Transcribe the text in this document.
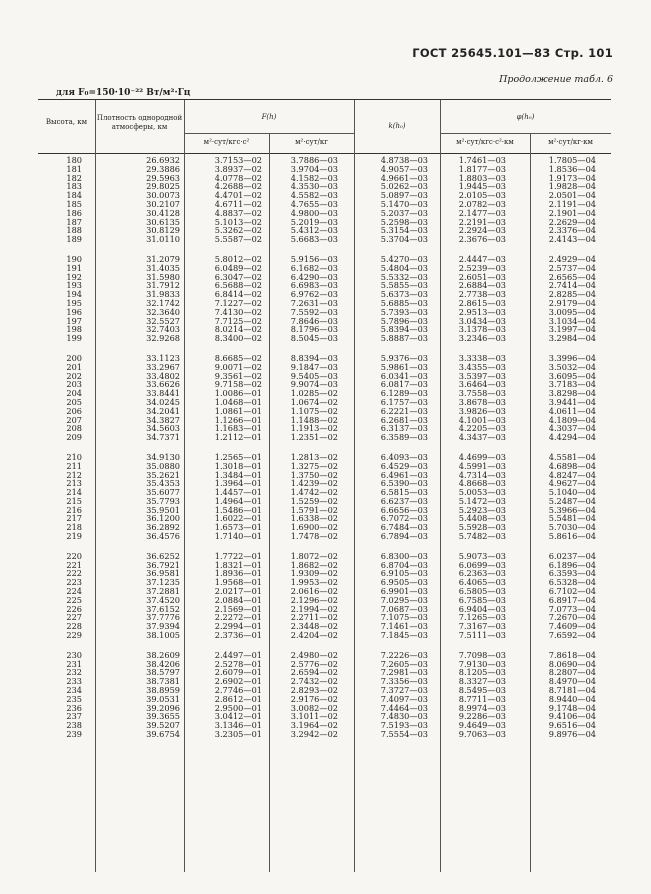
ГОСТ 25645.101—83 Стр. 101
Продолжение табл. 6
для F₀=150·10⁻²² Вт/м²·Гц
Высота, км	Плотность однородной атмосферы, км
F(h)
м²·сут/кгс·с²	м²·сут/кг
k(h₀)
φ(h₀)
м²·сут/кгс·с²·км	м²·сут/кг·км
180	26.6932	3.7153—02	3.7886—03	4.8738—03	1.7461—03	1.7805—04
181	29.3886	3.8937—02	3.9704—03	4.9057—03	1.8177—03	1.8536—04
182	29.5963	4.0778—02	4.1582—03	4.9661—03	1.8803—03	1.9173—04
183	29.8025	4.2688—02	4.3530—03	5.0262—03	1.9445—03	1.9828—04
184	30.0073	4.4701—02	4.5582—03	5.0897—03	2.0105—03	2.0501—04
185	30.2107	4.6711—02	4.7655—03	5.1470—03	2.0782—03	2.1191—04
186	30.4128	4.8837—02	4.9800—03	5.2037—03	2.1477—03	2.1901—04
187	30.6135	5.1013—02	5.2019—03	5.2598—03	2.2191—03	2.2629—04
188	30.8129	5.3262—02	5.4312—03	5.3154—03	2.2924—03	2.3376—04
189	31.0110	5.5587—02	5.6683—03	5.3704—03	2.3676—03	2.4143—04
190	31.2079	5.8012—02	5.9156—03	5.4270—03	2.4447—03	2.4929—04
191	31.4035	6.0489—02	6.1682—03	5.4804—03	2.5239—03	2.5737—04
192	31.5980	6.3047—02	6.4290—03	5.5332—03	2.6051—03	2.6565—04
193	31.7912	6.5688—02	6.6983—03	5.5855—03	2.6884—03	2.7414—04
194	31.9833	6.8414—02	6.9762—03	5.6373—03	2.7738—03	2.8285—04
195	32.1742	7.1227—02	7.2631—03	5.6885—03	2.8615—03	2.9179—04
196	32.3640	7.4130—02	7.5592—03	5.7393—03	2.9513—03	3.0095—04
197	32.5527	7.7125—02	7.8646—03	5.7896—03	3.0434—03	3.1034—04
198	32.7403	8.0214—02	8.1796—03	5.8394—03	3.1378—03	3.1997—04
199	32.9268	8.3400—02	8.5045—03	5.8887—03	3.2346—03	3.2984—04
200	33.1123	8.6685—02	8.8394—03	5.9376—03	3.3338—03	3.3996—04
201	33.2967	9.0071—02	9.1847—03	5.9861—03	3.4355—03	3.5032—04
202	33.4802	9.3561—02	9.5405—03	6.0341—03	3.5397—03	3.6095—04
203	33.6626	9.7158—02	9.9074—03	6.0817—03	3.6464—03	3.7183—04
204	33.8441	1.0086—01	1.0285—02	6.1289—03	3.7558—03	3.8298—04
205	34.0245	1.0468—01	1.0674—02	6.1757—03	3.8678—03	3.9441—04
206	34.2041	1.0861—01	1.1075—02	6.2221—03	3.9826—03	4.0611—04
207	34.3827	1.1266—01	1.1488—02	6.2681—03	4.1001—03	4.1809—04
208	34.5603	1.1683—01	1.1913—02	6.3137—03	4.2205—03	4.3037—04
209	34.7371	1.2112—01	1.2351—02	6.3589—03	4.3437—03	4.4294—04
210	34.9130	1.2565—01	1.2813—02	6.4093—03	4.4699—03	4.5581—04
211	35.0880	1.3018—01	1.3275—02	6.4529—03	4.5991—03	4.6898—04
212	35.2621	1.3484—01	1.3750—02	6.4961—03	4.7314—03	4.8247—04
213	35.4353	1.3964—01	1.4239—02	6.5390—03	4.8668—03	4.9627—04
214	35.6077	1.4457—01	1.4742—02	6.5815—03	5.0053—03	5.1040—04
215	35.7793	1.4964—01	1.5259—02	6.6237—03	5.1472—03	5.2487—04
216	35.9501	1.5486—01	1.5791—02	6.6656—03	5.2923—03	5.3966—04
217	36.1200	1.6022—01	1.6338—02	6.7072—03	5.4408—03	5.5481—04
218	36.2892	1.6573—01	1.6900—02	6.7484—03	5.5928—03	5.7030—04
219	36.4576	1.7140—01	1.7478—02	6.7894—03	5.7482—03	5.8616—04
220	36.6252	1.7722—01	1.8072—02	6.8300—03	5.9073—03	6.0237—04
221	36.7921	1.8321—01	1.8682—02	6.8704—03	6.0699—03	6.1896—04
222	36.9581	1.8936—01	1.9309—02	6.9105—03	6.2363—03	6.3593—04
223	37.1235	1.9568—01	1.9953—02	6.9505—03	6.4065—03	6.5328—04
224	37.2881	2.0217—01	2.0616—02	6.9901—03	6.5805—03	6.7102—04
225	37.4520	2.0884—01	2.1296—02	7.0295—03	6.7585—03	6.8917—04
226	37.6152	2.1569—01	2.1994—02	7.0687—03	6.9404—03	7.0773—04
227	37.7776	2.2272—01	2.2711—02	7.1075—03	7.1265—03	7.2670—04
228	37.9394	2.2994—01	2.3448—02	7.1461—03	7.3167—03	7.4609—04
229	38.1005	2.3736—01	2.4204—02	7.1845—03	7.5111—03	7.6592—04
230	38.2609	2.4497—01	2.4980—02	7.2226—03	7.7098—03	7.8618—04
231	38.4206	2.5278—01	2.5776—02	7.2605—03	7.9130—03	8.0690—04
232	38.5797	2.6079—01	2.6594—02	7.2981—03	8.1205—03	8.2807—04
233	38.7381	2.6902—01	2.7432—02	7.3356—03	8.3327—03	8.4970—04
234	38.8959	2.7746—01	2.8293—02	7.3727—03	8.5495—03	8.7181—04
235	39.0531	2.8612—01	2.9176—02	7.4097—03	8.7711—03	8.9440—04
236	39.2096	2.9500—01	3.0082—02	7.4464—03	8.9974—03	9.1748—04
237	39.3655	3.0412—01	3.1011—02	7.4830—03	9.2286—03	9.4106—04
238	39.5207	3.1346—01	3.1964—02	7.5193—03	9.4649—03	9.6516—04
239	39.6754	3.2305—01	3.2942—02	7.5554—03	9.7063—03	9.8976—04
